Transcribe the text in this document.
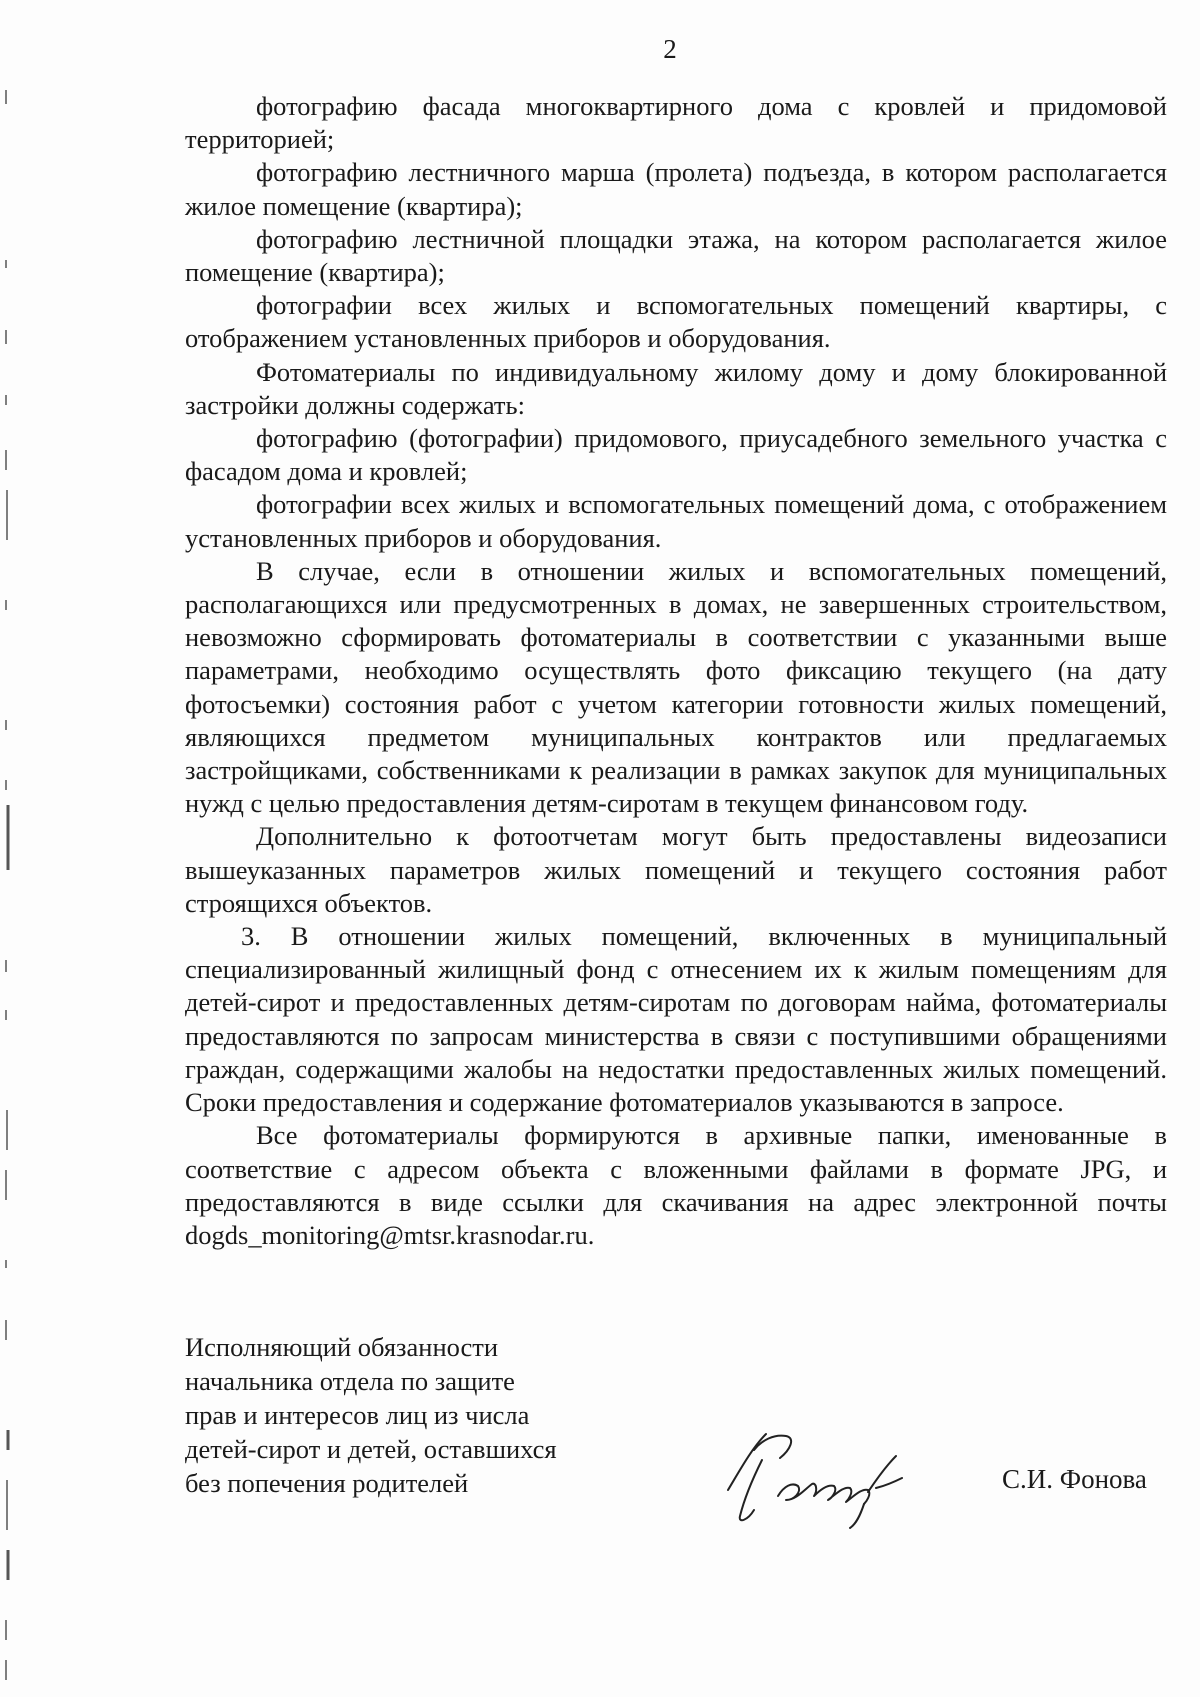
2

фотографию фасада многоквартирного дома с кровлей и придомовой территорией;

фотографию лестничного марша (пролета) подъезда, в котором располагается жилое помещение (квартира);

фотографию лестничной площадки этажа, на котором располагается жилое помещение (квартира);

фотографии всех жилых и вспомогательных помещений квартиры, с отображением установленных приборов и оборудования.

Фотоматериалы по индивидуальному жилому дому и дому блокированной застройки должны содержать:

фотографию (фотографии) придомового, приусадебного земельного участка с фасадом дома и кровлей;

фотографии всех жилых и вспомогательных помещений дома, с отображением установленных приборов и оборудования.

В случае, если в отношении жилых и вспомогательных помещений, располагающихся или предусмотренных в домах, не завершенных строительством, невозможно сформировать фотоматериалы в соответствии с указанными выше параметрами, необходимо осуществлять фото фиксацию текущего (на дату фотосъемки) состояния работ с учетом категории готовности жилых помещений, являющихся предметом муниципальных контрактов или предлагаемых застройщиками, собственниками к реализации в рамках закупок для муниципальных нужд с целью предоставления детям-сиротам в текущем финансовом году.

Дополнительно к фотоотчетам могут быть предоставлены видеозаписи вышеуказанных параметров жилых помещений и текущего состояния работ строящихся объектов.

3. В отношении жилых помещений, включенных в муниципальный специализированный жилищный фонд с отнесением их к жилым помещениям для детей-сирот и предоставленных детям-сиротам по договорам найма, фотоматериалы предоставляются по запросам министерства в связи с поступившими обращениями граждан, содержащими жалобы на недостатки предоставленных жилых помещений. Сроки предоставления и содержание фотоматериалов указываются в запросе.

Все фотоматериалы формируются в архивные папки, именованные в соответствие с адресом объекта с вложенными файлами в формате JPG, и предоставляются в виде ссылки для скачивания на адрес электронной почты dogds_monitoring@mtsr.krasnodar.ru.

Исполняющий обязанности
начальника отдела по защите
прав и интересов лиц из числа
детей-сирот и детей, оставшихся
без попечения родителей	С.И. Фонова
